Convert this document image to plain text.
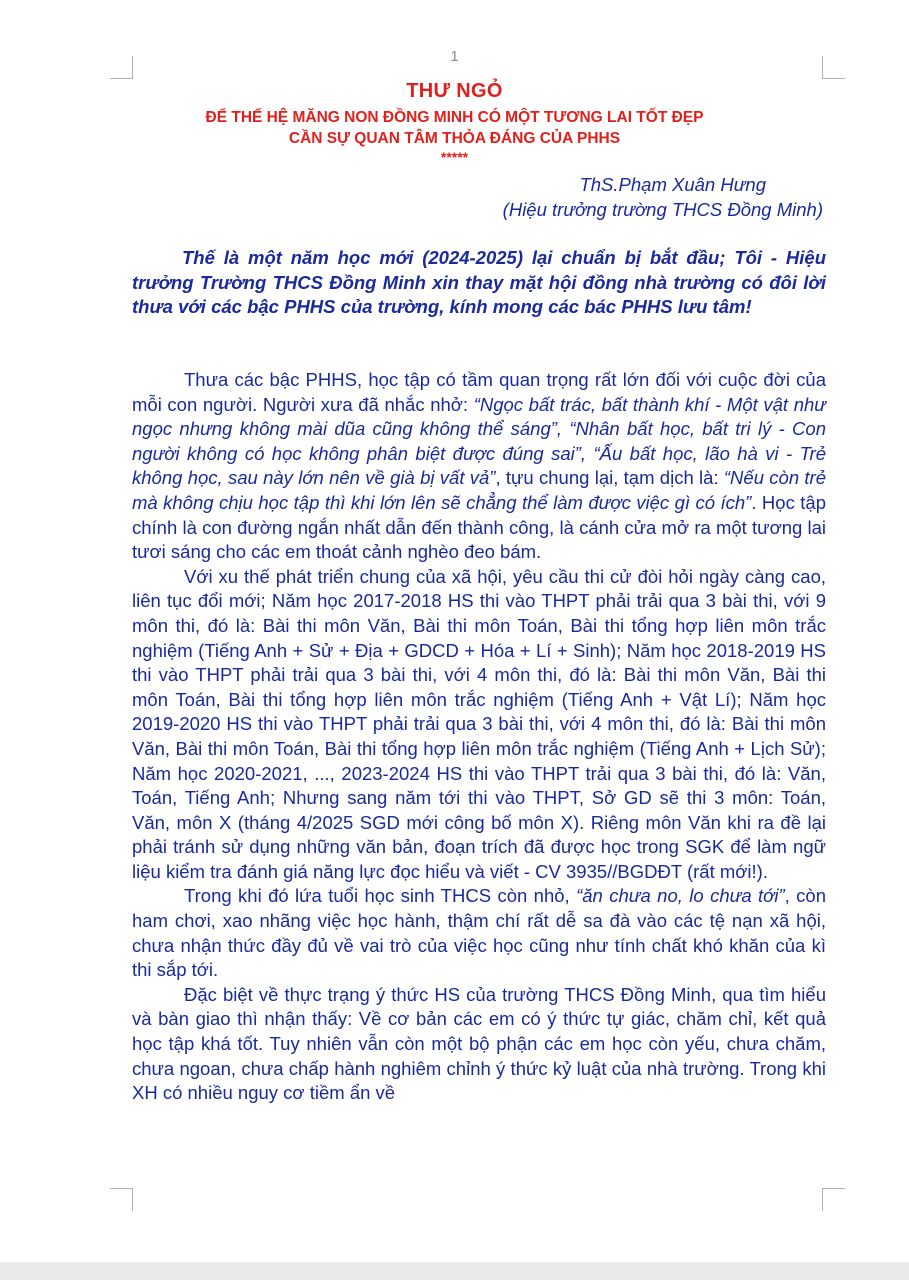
1
THƯ NGỎ
ĐỂ THẾ HỆ MĂNG NON ĐỒNG MINH CÓ MỘT TƯƠNG LAI TỐT ĐẸP
CẦN SỰ QUAN TÂM THỎA ĐÁNG CỦA PHHS
*****
ThS.Phạm Xuân Hưng
(Hiệu trưởng trường THCS Đồng Minh)

Thế là một năm học mới (2024-2025) lại chuẩn bị bắt đầu; Tôi - Hiệu trưởng Trường THCS Đồng Minh xin thay mặt hội đồng nhà trường có đôi lời thưa với các bậc PHHS của trường, kính mong các bác PHHS lưu tâm!

Thưa các bậc PHHS, học tập có tầm quan trọng rất lớn đối với cuộc đời của mỗi con người. Người xưa đã nhắc nhở: “Ngọc bất trác, bất thành khí - Một vật như ngọc nhưng không mài dũa cũng không thể sáng”, “Nhân bất học, bất tri lý - Con người không có học không phân biệt được đúng sai”, “Ấu bất học, lão hà vi - Trẻ không học, sau này lớn nên về già bị vất vả”, tựu chung lại, tạm dịch là: “Nếu còn trẻ mà không chịu học tập thì khi lớn lên sẽ chẳng thể làm được việc gì có ích”. Học tập chính là con đường ngắn nhất dẫn đến thành công, là cánh cửa mở ra một tương lai tươi sáng cho các em thoát cảnh nghèo đeo bám.

Với xu thế phát triển chung của xã hội, yêu cầu thi cử đòi hỏi ngày càng cao, liên tục đổi mới; Năm học 2017-2018 HS thi vào THPT phải trải qua 3 bài thi, với 9 môn thi, đó là: Bài thi môn Văn, Bài thi môn Toán, Bài thi tổng hợp liên môn trắc nghiệm (Tiếng Anh + Sử + Địa + GDCD + Hóa + Lí + Sinh); Năm học 2018-2019 HS thi vào THPT phải trải qua 3 bài thi, với 4 môn thi, đó là: Bài thi môn Văn, Bài thi môn Toán, Bài thi tổng hợp liên môn trắc nghiệm (Tiếng Anh + Vật Lí); Năm học 2019-2020 HS thi vào THPT phải trải qua 3 bài thi, với 4 môn thi, đó là: Bài thi môn Văn, Bài thi môn Toán, Bài thi tổng hợp liên môn trắc nghiệm (Tiếng Anh + Lịch Sử); Năm học 2020-2021, ..., 2023-2024 HS thi vào THPT trải qua 3 bài thi, đó là: Văn, Toán, Tiếng Anh; Nhưng sang năm tới thi vào THPT, Sở GD sẽ thi 3 môn: Toán, Văn, môn X (tháng 4/2025 SGD mới công bố môn X). Riêng môn Văn khi ra đề lại phải tránh sử dụng những văn bản, đoạn trích đã được học trong SGK để làm ngữ liệu kiểm tra đánh giá năng lực đọc hiểu và viết - CV 3935//BGDĐT (rất mới!).

Trong khi đó lứa tuổi học sinh THCS còn nhỏ, “ăn chưa no, lo chưa tới”, còn ham chơi, xao nhãng việc học hành, thậm chí rất dễ sa đà vào các tệ nạn xã hội, chưa nhận thức đầy đủ về vai trò của việc học cũng như tính chất khó khăn của kì thi sắp tới.

Đặc biệt về thực trạng ý thức HS của trường THCS Đồng Minh, qua tìm hiểu và bàn giao thì nhận thấy: Về cơ bản các em có ý thức tự giác, chăm chỉ, kết quả học tập khá tốt. Tuy nhiên vẫn còn một bộ phận các em học còn yếu, chưa chăm, chưa ngoan, chưa chấp hành nghiêm chỉnh ý thức kỷ luật của nhà trường. Trong khi XH có nhiều nguy cơ tiềm ẩn về
